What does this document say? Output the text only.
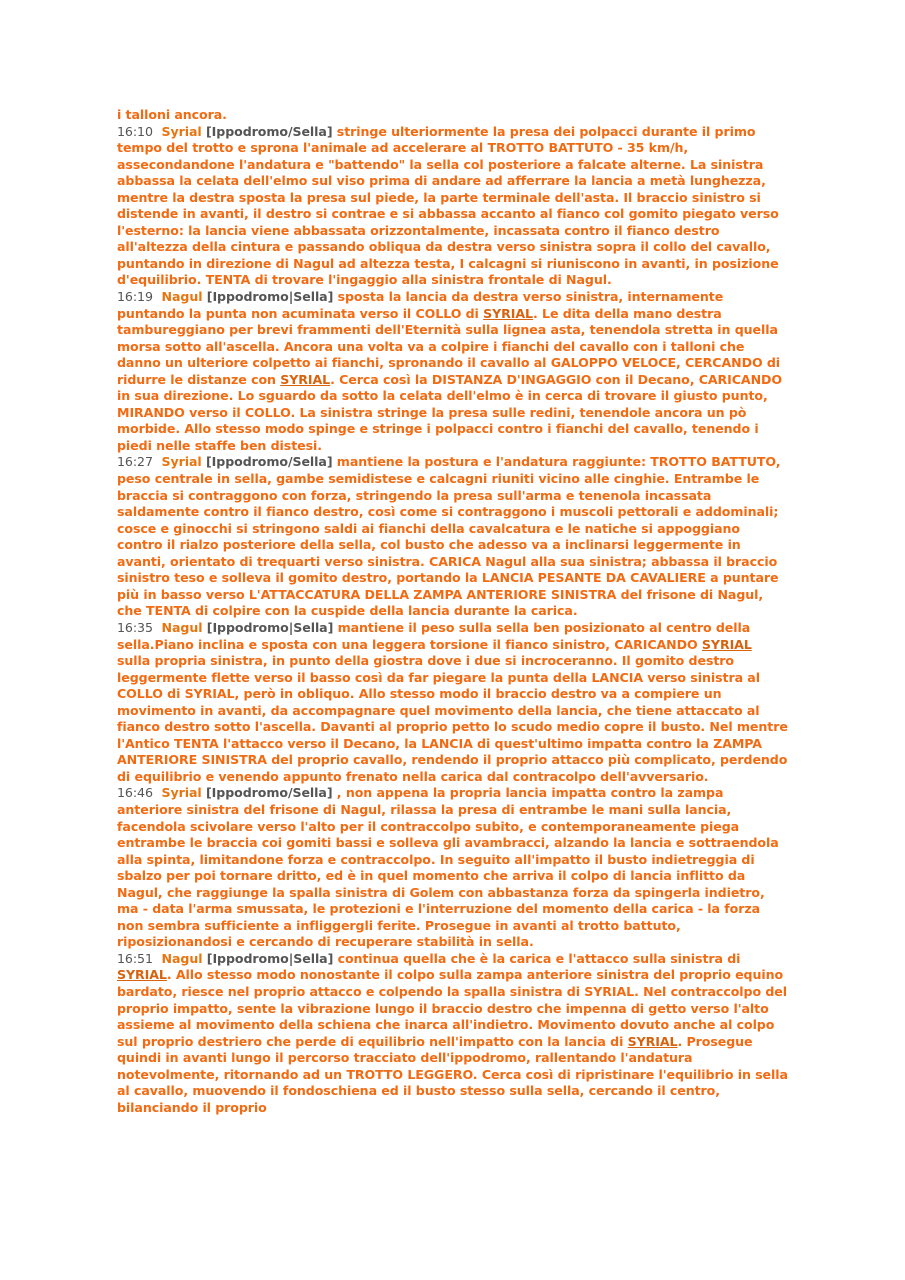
i talloni ancora.

16:10 Syrial [Ippodromo/Sella] stringe ulteriormente la presa dei polpacci durante il primo tempo del trotto e sprona l'animale ad accelerare al TROTTO BATTUTO - 35 km/h, assecondandone l'andatura e "battendo" la sella col posteriore a falcate alterne. La sinistra abbassa la celata dell'elmo sul viso prima di andare ad afferrare la lancia a metà lunghezza, mentre la destra sposta la presa sul piede, la parte terminale dell'asta. Il braccio sinistro si distende in avanti, il destro si contrae e si abbassa accanto al fianco col gomito piegato verso l'esterno: la lancia viene abbassata orizzontalmente, incassata contro il fianco destro all'altezza della cintura e passando obliqua da destra verso sinistra sopra il collo del cavallo, puntando in direzione di Nagul ad altezza testa, I calcagni si riuniscono in avanti, in posizione d'equilibrio. TENTA di trovare l'ingaggio alla sinistra frontale di Nagul.

16:19 Nagul [Ippodromo|Sella] sposta la lancia da destra verso sinistra, internamente puntando la punta non acuminata verso il COLLO di SYRIAL. Le dita della mano destra tambureggiano per brevi frammenti dell'Eternità sulla lignea asta, tenendola stretta in quella morsa sotto all'ascella. Ancora una volta va a colpire i fianchi del cavallo con i talloni che danno un ulteriore colpetto ai fianchi, spronando il cavallo al GALOPPO VELOCE, CERCANDO di ridurre le distanze con SYRIAL. Cerca così la DISTANZA D'INGAGGIO con il Decano, CARICANDO in sua direzione. Lo sguardo da sotto la celata dell'elmo è in cerca di trovare il giusto punto, MIRANDO verso il COLLO. La sinistra stringe la presa sulle redini, tenendole ancora un pò morbide. Allo stesso modo spinge e stringe i polpacci contro i fianchi del cavallo, tenendo i piedi nelle staffe ben distesi.

16:27 Syrial [Ippodromo/Sella] mantiene la postura e l'andatura raggiunte: TROTTO BATTUTO, peso centrale in sella, gambe semidistese e calcagni riuniti vicino alle cinghie. Entrambe le braccia si contraggono con forza, stringendo la presa sull'arma e tenenola incassata saldamente contro il fianco destro, così come si contraggono i muscoli pettorali e addominali; cosce e ginocchi si stringono saldi ai fianchi della cavalcatura e le natiche si appoggiano contro il rialzo posteriore della sella, col busto che adesso va a inclinarsi leggermente in avanti, orientato di trequarti verso sinistra. CARICA Nagul alla sua sinistra; abbassa il braccio sinistro teso e solleva il gomito destro, portando la LANCIA PESANTE DA CAVALIERE a puntare più in basso verso L'ATTACCATURA DELLA ZAMPA ANTERIORE SINISTRA del frisone di Nagul, che TENTA di colpire con la cuspide della lancia durante la carica.

16:35 Nagul [Ippodromo|Sella] mantiene il peso sulla sella ben posizionato al centro della sella.Piano inclina e sposta con una leggera torsione il fianco sinistro, CARICANDO SYRIAL sulla propria sinistra, in punto della giostra dove i due si incroceranno. Il gomito destro leggermente flette verso il basso così da far piegare la punta della LANCIA verso sinistra al COLLO di SYRIAL, però in obliquo. Allo stesso modo il braccio destro va a compiere un movimento in avanti, da accompagnare quel movimento della lancia, che tiene attaccato al fianco destro sotto l'ascella. Davanti al proprio petto lo scudo medio copre il busto. Nel mentre l'Antico TENTA l'attacco verso il Decano, la LANCIA di quest'ultimo impatta contro la ZAMPA ANTERIORE SINISTRA del proprio cavallo, rendendo il proprio attacco più complicato, perdendo di equilibrio e venendo appunto frenato nella carica dal contracolpo dell'avversario.

16:46 Syrial [Ippodromo/Sella] , non appena la propria lancia impatta contro la zampa anteriore sinistra del frisone di Nagul, rilassa la presa di entrambe le mani sulla lancia, facendola scivolare verso l'alto per il contraccolpo subito, e contemporaneamente piega entrambe le braccia coi gomiti bassi e solleva gli avambracci, alzando la lancia e sottraendola alla spinta, limitandone forza e contraccolpo. In seguito all'impatto il busto indietreggia di sbalzo per poi tornare dritto, ed è in quel momento che arriva il colpo di lancia inflitto da Nagul, che raggiunge la spalla sinistra di Golem con abbastanza forza da spingerla indietro, ma - data l'arma smussata, le protezioni e l'interruzione del momento della carica - la forza non sembra sufficiente a infliggergli ferite. Prosegue in avanti al trotto battuto, riposizionandosi e cercando di recuperare stabilità in sella.

16:51 Nagul [Ippodromo|Sella] continua quella che è la carica e l'attacco sulla sinistra di SYRIAL. Allo stesso modo nonostante il colpo sulla zampa anteriore sinistra del proprio equino bardato, riesce nel proprio attacco e colpendo la spalla sinistra di SYRIAL. Nel contraccolpo del proprio impatto, sente la vibrazione lungo il braccio destro che impenna di getto verso l'alto assieme al movimento della schiena che inarca all'indietro. Movimento dovuto anche al colpo sul proprio destriero che perde di equilibrio nell'impatto con la lancia di SYRIAL. Prosegue quindi in avanti lungo il percorso tracciato dell'ippodromo, rallentando l'andatura notevolmente, ritornando ad un TROTTO LEGGERO. Cerca così di ripristinare l'equilibrio in sella al cavallo, muovendo il fondoschiena ed il busto stesso sulla sella, cercando il centro, bilanciando il proprio
